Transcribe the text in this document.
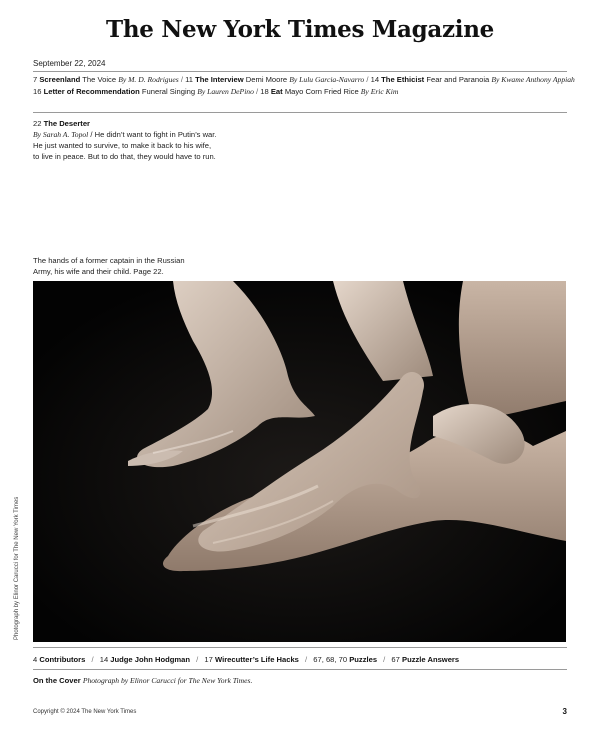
The New York Times Magazine
September 22, 2024
7 Screenland The Voice By M. D. Rodrigues / 11 The Interview Demi Moore By Lulu Garcia-Navarro / 14 The Ethicist Fear and Paranoia By Kwame Anthony Appiah
16 Letter of Recommendation Funeral Singing By Lauren DePino / 18 Eat Mayo Corn Fried Rice By Eric Kim
22 The Deserter
By Sarah A. Topol / He didn’t want to fight in Putin’s war. He just wanted to survive, to make it back to his wife, to live in peace. But to do that, they would have to run.
The hands of a former captain in the Russian Army, his wife and their child. Page 22.
Photograph by Elinor Carucci for The New York Times
4 Contributors / 14 Judge John Hodgman / 17 Wirecutter’s Life Hacks / 67, 68, 70 Puzzles / 67 Puzzle Answers
On the Cover Photograph by Elinor Carucci for The New York Times.
Copyright © 2024 The New York Times	3
